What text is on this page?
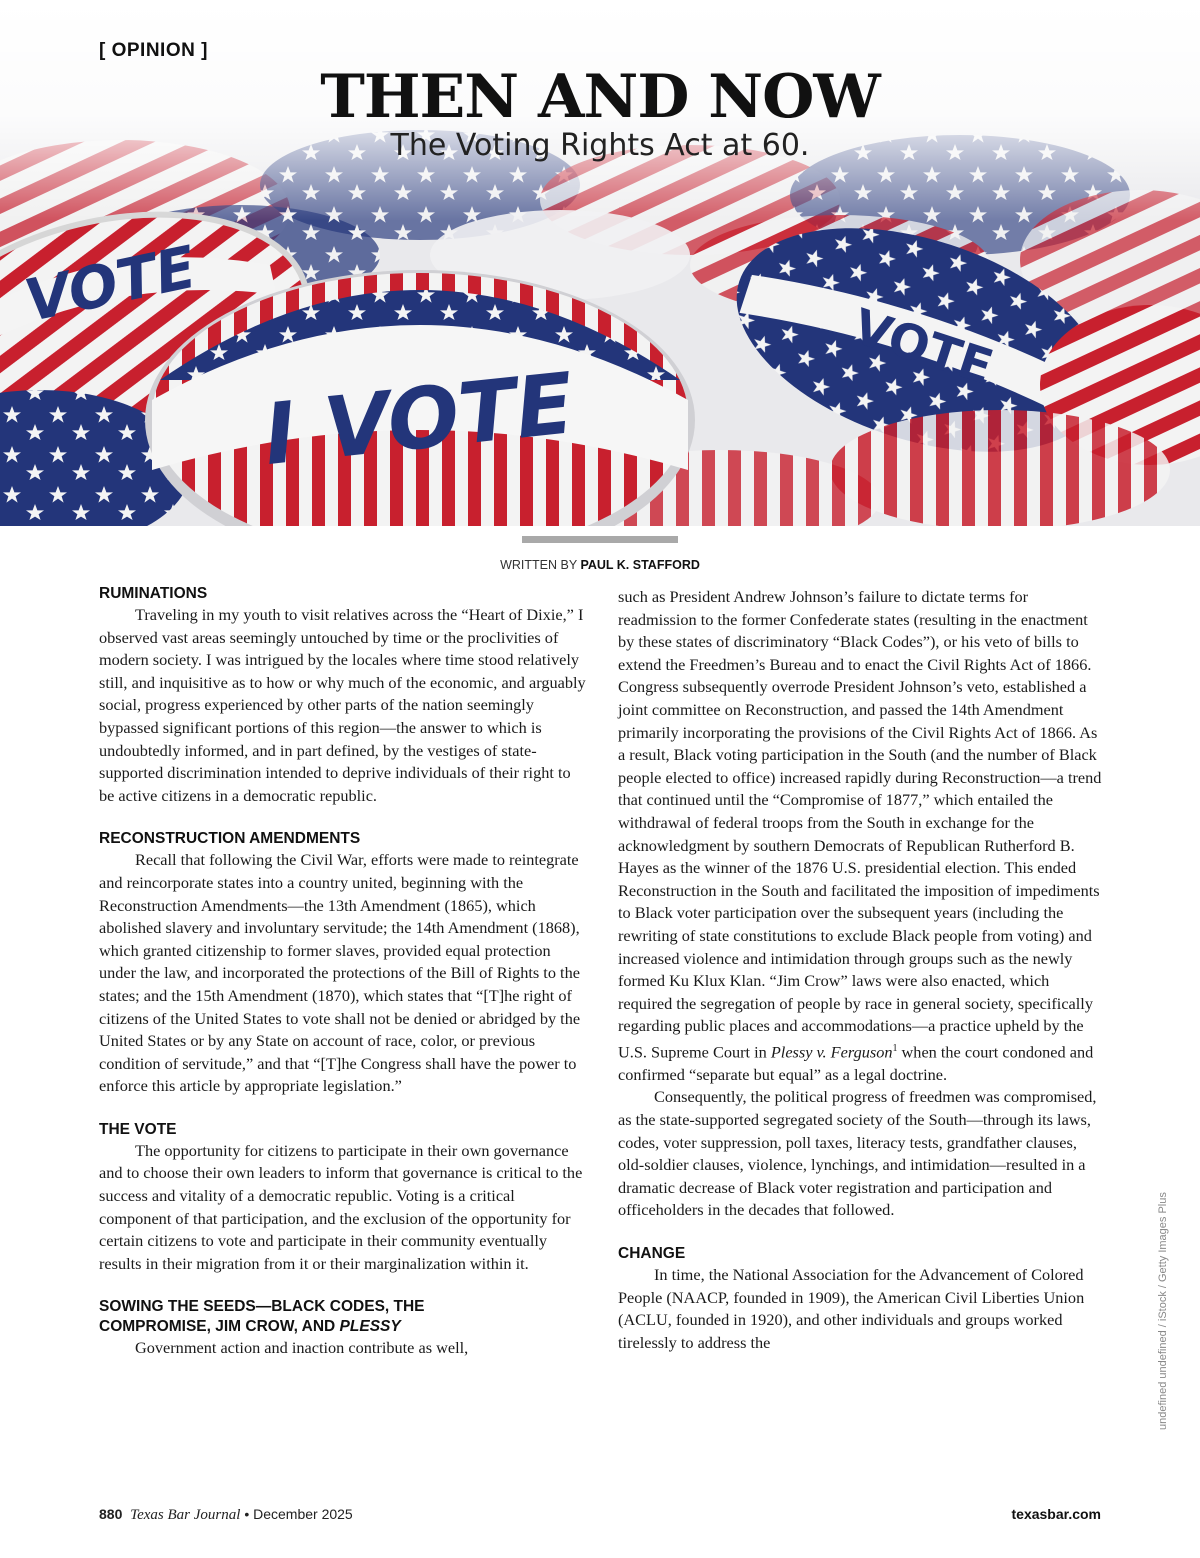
[ OPINION ]
THEN AND NOW
The Voting Rights Act at 60.
WRITTEN BY PAUL K. STAFFORD
RUMINATIONS

Traveling in my youth to visit relatives across the “Heart of Dixie,” I observed vast areas seemingly untouched by time or the proclivities of modern society. I was intrigued by the locales where time stood relatively still, and inquisitive as to how or why much of the economic, and arguably social, progress experienced by other parts of the nation seemingly bypassed significant portions of this region—the answer to which is undoubtedly informed, and in part defined, by the vestiges of state-supported discrimination intended to deprive individuals of their right to be active citizens in a democratic republic.

RECONSTRUCTION AMENDMENTS

Recall that following the Civil War, efforts were made to reintegrate and reincorporate states into a country united, beginning with the Reconstruction Amendments—the 13th Amendment (1865), which abolished slavery and involuntary servitude; the 14th Amendment (1868), which granted citizenship to former slaves, provided equal protection under the law, and incorporated the protections of the Bill of Rights to the states; and the 15th Amendment (1870), which states that “[T]he right of citizens of the United States to vote shall not be denied or abridged by the United States or by any State on account of race, color, or previous condition of servitude,” and that “[T]he Congress shall have the power to enforce this article by appropriate legislation.”

THE VOTE

The opportunity for citizens to participate in their own governance and to choose their own leaders to inform that governance is critical to the success and vitality of a democratic republic. Voting is a critical component of that participation, and the exclusion of the opportunity for certain citizens to vote and participate in their community eventually results in their migration from it or their marginalization within it.

SOWING THE SEEDS—BLACK CODES, THE
COMPROMISE, JIM CROW, AND PLESSY

Government action and inaction contribute as well,

such as President Andrew Johnson’s failure to dictate terms for readmission to the former Confederate states (resulting in the enactment by these states of discriminatory “Black Codes”), or his veto of bills to extend the Freedmen’s Bureau and to enact the Civil Rights Act of 1866. Congress subsequently overrode President Johnson’s veto, established a joint committee on Reconstruction, and passed the 14th Amendment primarily incorporating the provisions of the Civil Rights Act of 1866. As a result, Black voting participation in the South (and the number of Black people elected to office) increased rapidly during Reconstruction—a trend that continued until the “Compromise of 1877,” which entailed the withdrawal of federal troops from the South in exchange for the acknowledgment by southern Democrats of Republican Rutherford B. Hayes as the winner of the 1876 U.S. presidential election. This ended Reconstruction in the South and facilitated the imposition of impediments to Black voter participation over the subsequent years (including the rewriting of state constitutions to exclude Black people from voting) and increased violence and intimidation through groups such as the newly formed Ku Klux Klan. “Jim Crow” laws were also enacted, which required the segregation of people by race in general society, specifically regarding public places and accommodations—a practice upheld by the U.S. Supreme Court in Plessy v. Ferguson$^1$ when the court condoned and confirmed “separate but equal” as a legal doctrine.

Consequently, the political progress of freedmen was compromised, as the state-supported segregated society of the South—through its laws, codes, voter suppression, poll taxes, literacy tests, grandfather clauses, old-soldier clauses, violence, lynchings, and intimidation—resulted in a dramatic decrease of Black voter registration and participation and officeholders in the decades that followed.

CHANGE

In time, the National Association for the Advancement of Colored People (NAACP, founded in 1909), the American Civil Liberties Union (ACLU, founded in 1920), and other individuals and groups worked tirelessly to address the	undefined undefined / iStock / Getty Images Plus
880 Texas Bar Journal • December 2025	texasbar.com
